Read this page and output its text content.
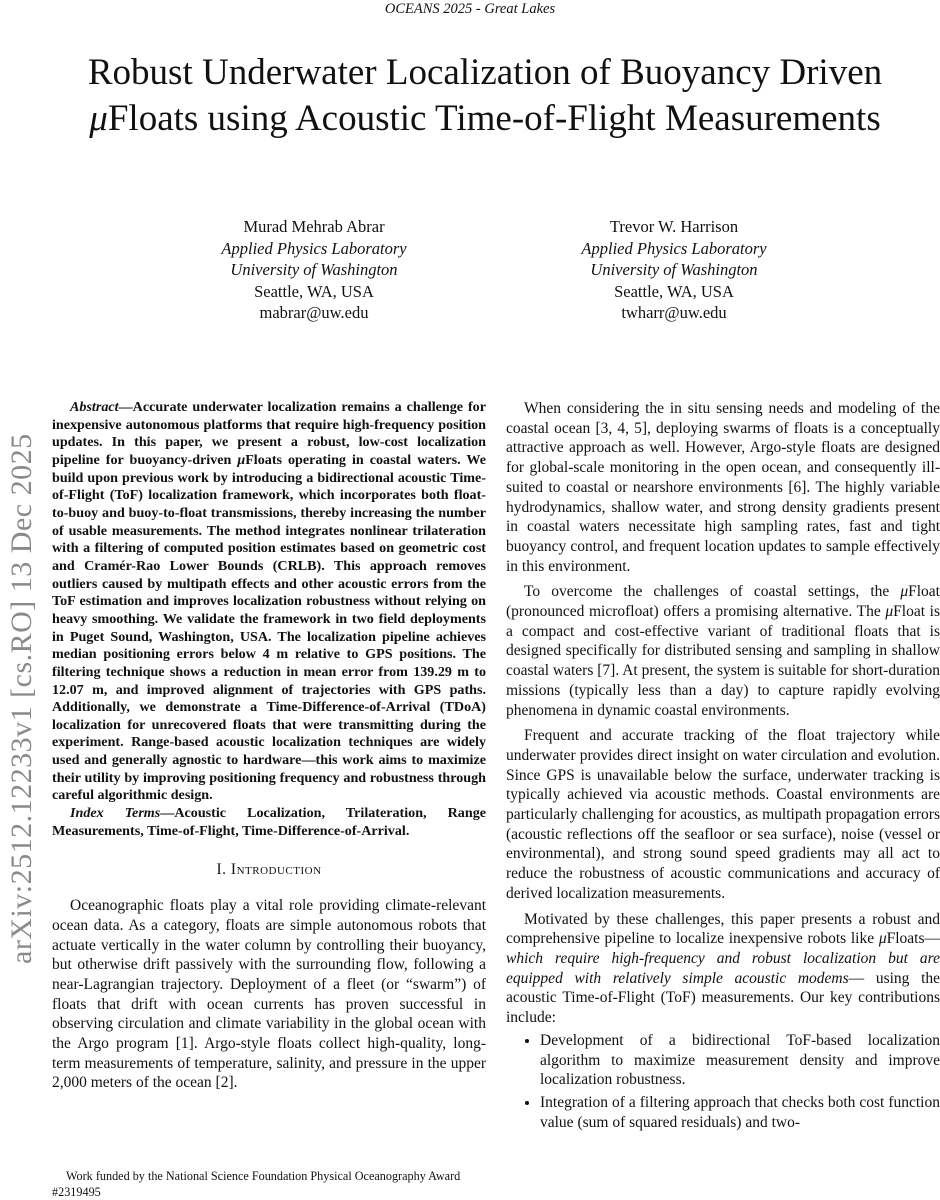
OCEANS 2025 - Great Lakes
arXiv:2512.12233v1 [cs.RO] 13 Dec 2025
Robust Underwater Localization of Buoyancy Driven μFloats using Acoustic Time-of-Flight Measurements
Murad Mehrab Abrar
Applied Physics Laboratory
University of Washington
Seattle, WA, USA
mabrar@uw.edu
Trevor W. Harrison
Applied Physics Laboratory
University of Washington
Seattle, WA, USA
twharr@uw.edu

Abstract—Accurate underwater localization remains a challenge for inexpensive autonomous platforms that require high-frequency position updates. In this paper, we present a robust, low-cost localization pipeline for buoyancy-driven μFloats operating in coastal waters. We build upon previous work by introducing a bidirectional acoustic Time-of-Flight (ToF) localization framework, which incorporates both float-to-buoy and buoy-to-float transmissions, thereby increasing the number of usable measurements. The method integrates nonlinear trilateration with a filtering of computed position estimates based on geometric cost and Cramér-Rao Lower Bounds (CRLB). This approach removes outliers caused by multipath effects and other acoustic errors from the ToF estimation and improves localization robustness without relying on heavy smoothing. We validate the framework in two field deployments in Puget Sound, Washington, USA. The localization pipeline achieves median positioning errors below 4 m relative to GPS positions. The filtering technique shows a reduction in mean error from 139.29 m to 12.07 m, and improved alignment of trajectories with GPS paths. Additionally, we demonstrate a Time-Difference-of-Arrival (TDoA) localization for unrecovered floats that were transmitting during the experiment. Range-based acoustic localization techniques are widely used and generally agnostic to hardware—this work aims to maximize their utility by improving positioning frequency and robustness through careful algorithmic design.

Index Terms—Acoustic Localization, Trilateration, Range Measurements, Time-of-Flight, Time-Difference-of-Arrival.

I. Introduction

Oceanographic floats play a vital role providing climate-relevant ocean data. As a category, floats are simple autonomous robots that actuate vertically in the water column by controlling their buoyancy, but otherwise drift passively with the surrounding flow, following a near-Lagrangian trajectory. Deployment of a fleet (or “swarm”) of floats that drift with ocean currents has proven successful in observing circulation and climate variability in the global ocean with the Argo program [1]. Argo-style floats collect high-quality, long-term measurements of temperature, salinity, and pressure in the upper 2,000 meters of the ocean [2].

Work funded by the National Science Foundation Physical Oceanography Award #2319495

When considering the in situ sensing needs and modeling of the coastal ocean [3, 4, 5], deploying swarms of floats is a conceptually attractive approach as well. However, Argo-style floats are designed for global-scale monitoring in the open ocean, and consequently ill-suited to coastal or nearshore environments [6]. The highly variable hydrodynamics, shallow water, and strong density gradients present in coastal waters necessitate high sampling rates, fast and tight buoyancy control, and frequent location updates to sample effectively in this environment.

To overcome the challenges of coastal settings, the μFloat (pronounced microfloat) offers a promising alternative. The μFloat is a compact and cost-effective variant of traditional floats that is designed specifically for distributed sensing and sampling in shallow coastal waters [7]. At present, the system is suitable for short-duration missions (typically less than a day) to capture rapidly evolving phenomena in dynamic coastal environments.

Frequent and accurate tracking of the float trajectory while underwater provides direct insight on water circulation and evolution. Since GPS is unavailable below the surface, underwater tracking is typically achieved via acoustic methods. Coastal environments are particularly challenging for acoustics, as multipath propagation errors (acoustic reflections off the seafloor or sea surface), noise (vessel or environmental), and strong sound speed gradients may all act to reduce the robustness of acoustic communications and accuracy of derived localization measurements.

Motivated by these challenges, this paper presents a robust and comprehensive pipeline to localize inexpensive robots like μFloats— which require high-frequency and robust localization but are equipped with relatively simple acoustic modems— using the acoustic Time-of-Flight (ToF) measurements. Our key contributions include:

• Development of a bidirectional ToF-based localization algorithm to maximize measurement density and improve localization robustness.
• Integration of a filtering approach that checks both cost function value (sum of squared residuals) and two-
